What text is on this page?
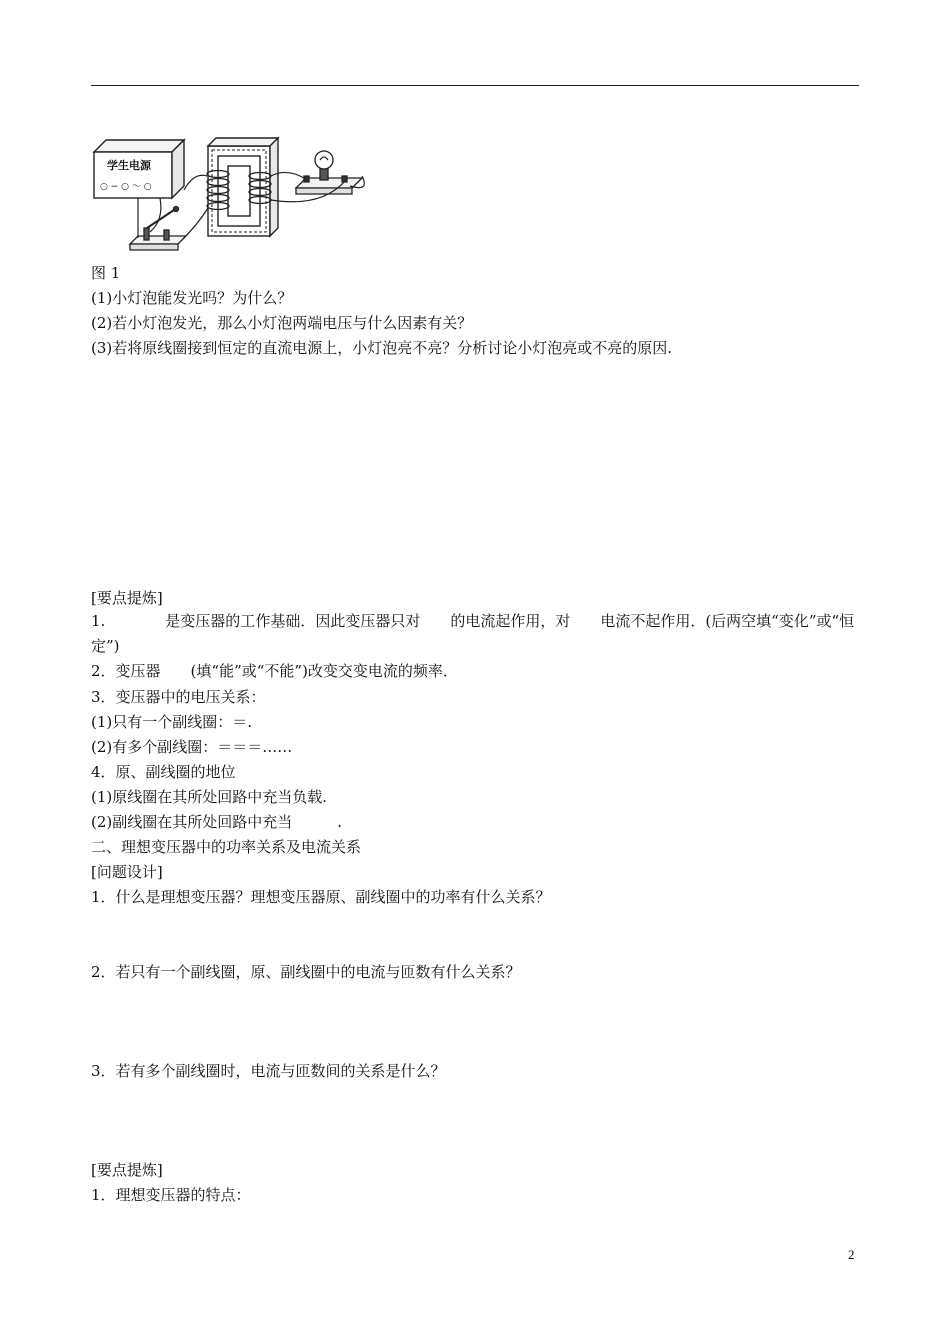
学生电源
○ − ○ ～ ○
图 1
(1)小灯泡能发光吗？为什么？
(2)若小灯泡发光，那么小灯泡两端电压与什么因素有关？
(3)若将原线圈接到恒定的直流电源上，小灯泡亮不亮？分析讨论小灯泡亮或不亮的原因.
[要点提炼]
1.　　　　是变压器的工作基础．因此变压器只对　　的电流起作用，对　　电流不起作用．(后两空填“变化”或“恒定”)
2．变压器　　(填“能”或“不能”)改变交变电流的频率．
3．变压器中的电压关系：
(1)只有一个副线圈：＝.
(2)有多个副线圈：＝＝＝……
4．原、副线圈的地位
(1)原线圈在其所处回路中充当负载.
(2)副线圈在其所处回路中充当　　　.
二、理想变压器中的功率关系及电流关系
[问题设计]
1．什么是理想变压器？理想变压器原、副线圈中的功率有什么关系？
2．若只有一个副线圈，原、副线圈中的电流与匝数有什么关系？
3．若有多个副线圈时，电流与匝数间的关系是什么？
[要点提炼]
1．理想变压器的特点：
2
